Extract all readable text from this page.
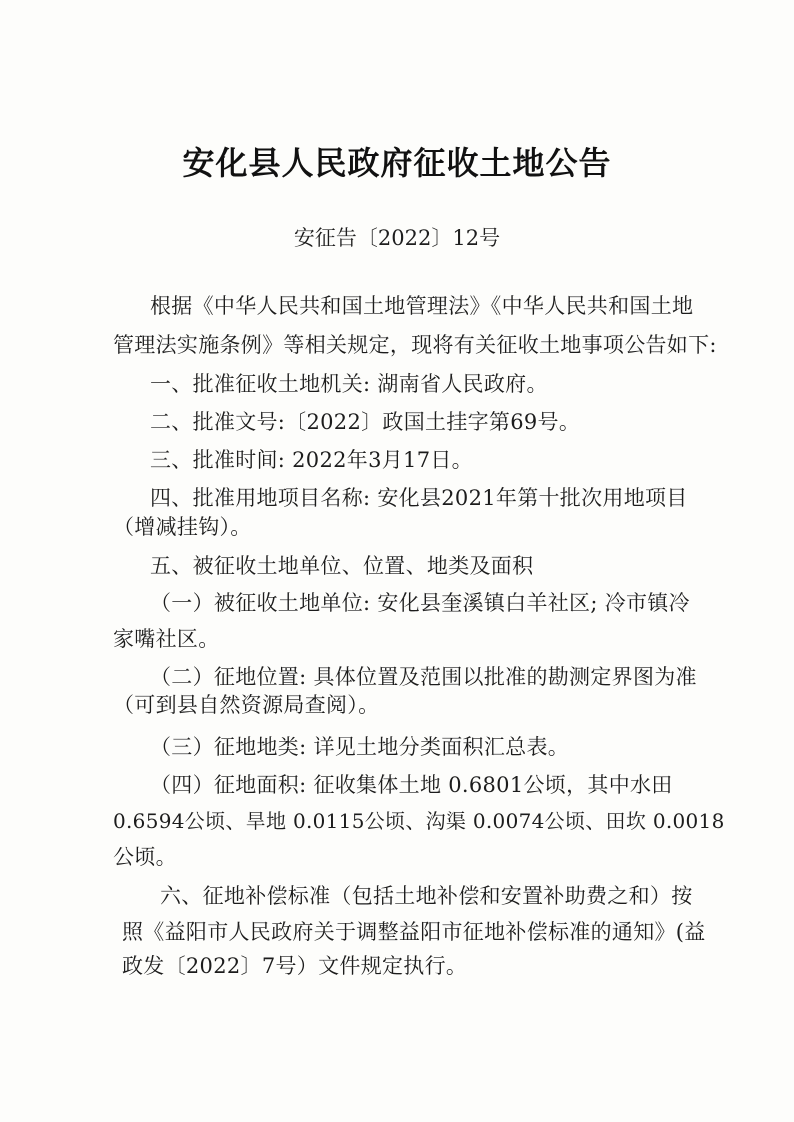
安化县人民政府征收土地公告
安征告〔2022〕12号
根据《中华人民共和国土地管理法》《中华人民共和国土地
管理法实施条例》等相关规定，现将有关征收土地事项公告如下:
一、批准征收土地机关: 湖南省人民政府。
二、批准文号:〔2022〕政国土挂字第69号。
三、批准时间: 2022年3月17日。
四、批准用地项目名称: 安化县2021年第十批次用地项目
（增减挂钩）。
五、被征收土地单位、位置、地类及面积
（一）被征收土地单位: 安化县奎溪镇白羊社区; 冷市镇冷
家嘴社区。
（二）征地位置: 具体位置及范围以批准的勘测定界图为准
（可到县自然资源局查阅）。
（三）征地地类: 详见土地分类面积汇总表。
（四）征地面积: 征收集体土地 0.6801公顷，其中水田
0.6594公顷、旱地 0.0115公顷、沟渠 0.0074公顷、田坎 0.0018
公顷。
六、征地补偿标准（包括土地补偿和安置补助费之和）按
照《益阳市人民政府关于调整益阳市征地补偿标准的通知》(益
政发〔2022〕7号）文件规定执行。
